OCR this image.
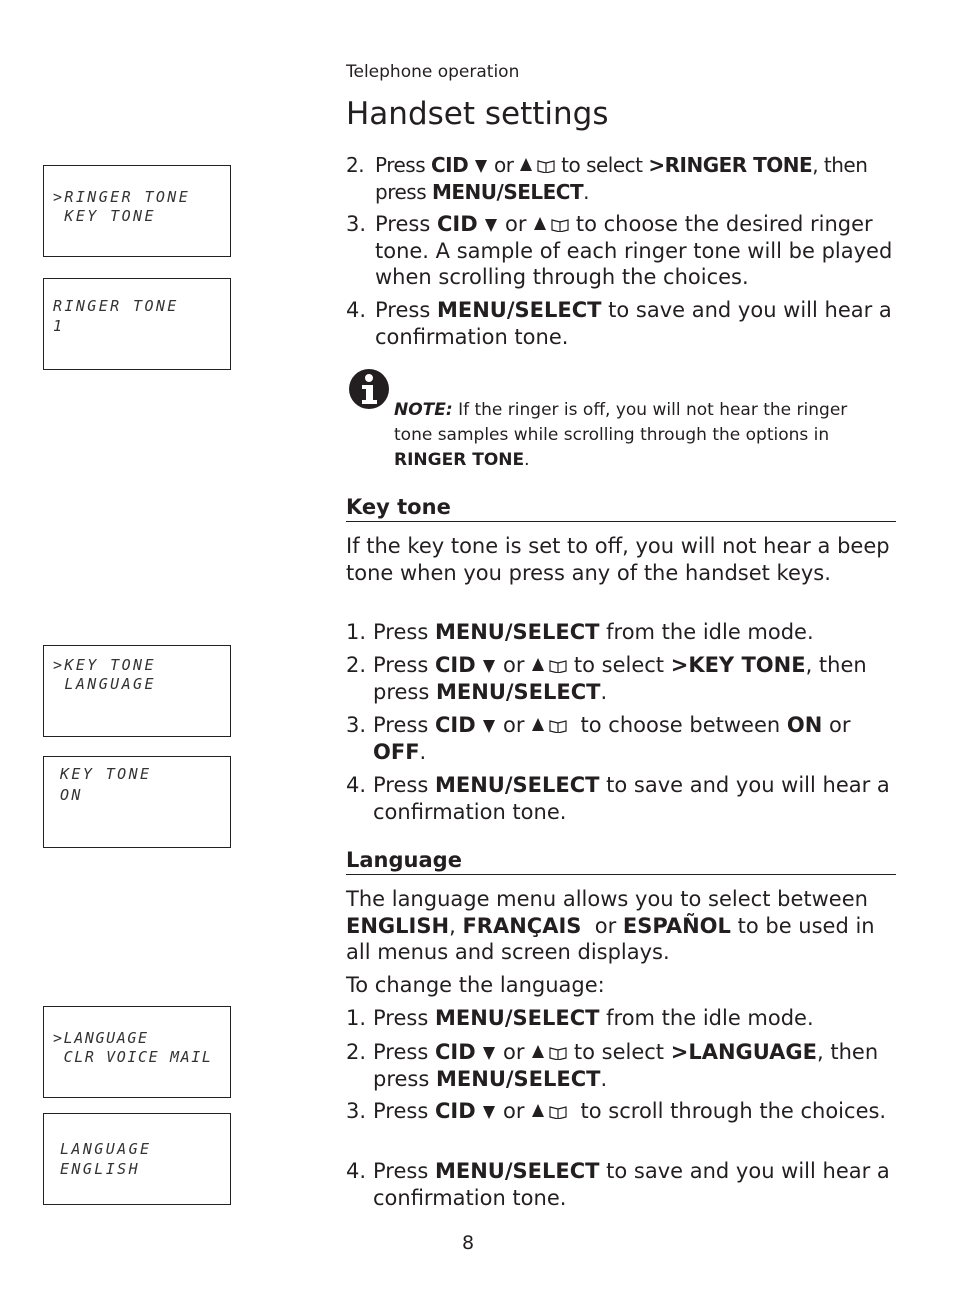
Telephone operation
Handset settings
>RINGER TONE
KEY TONE
RINGER TONE
1
>KEY TONE
LANGUAGE
KEY TONE
ON
>LANGUAGE
CLR VOICE MAIL
LANGUAGE
ENGLISH
2. Press CID or to select >RINGER TONE, then press MENU/SELECT.
3. Press CID or to choose the desired ringer tone. A sample of each ringer tone will be played when scrolling through the choices.
4. Press MENU/SELECT to save and you will hear a confirmation tone.
NOTE: If the ringer is off, you will not hear the ringer tone samples while scrolling through the options in RINGER TONE.
Key tone
If the key tone is set to off, you will not hear a beep tone when you press any of the handset keys.
1. Press MENU/SELECT from the idle mode.
2. Press CID or to select >KEY TONE, then press MENU/SELECT.
3. Press CID or	to choose between ON or OFF.
4. Press MENU/SELECT to save and you will hear a confirmation tone.
Language
The language menu allows you to select between ENGLISH, FRANÇAIS or ESPAÑOL to be used in all menus and screen displays.
To change the language:
1. Press MENU/SELECT from the idle mode.
2. Press CID or to select >LANGUAGE, then press MENU/SELECT.
3. Press CID or	to scroll through the choices.
4. Press MENU/SELECT to save and you will hear a confirmation tone.
8
